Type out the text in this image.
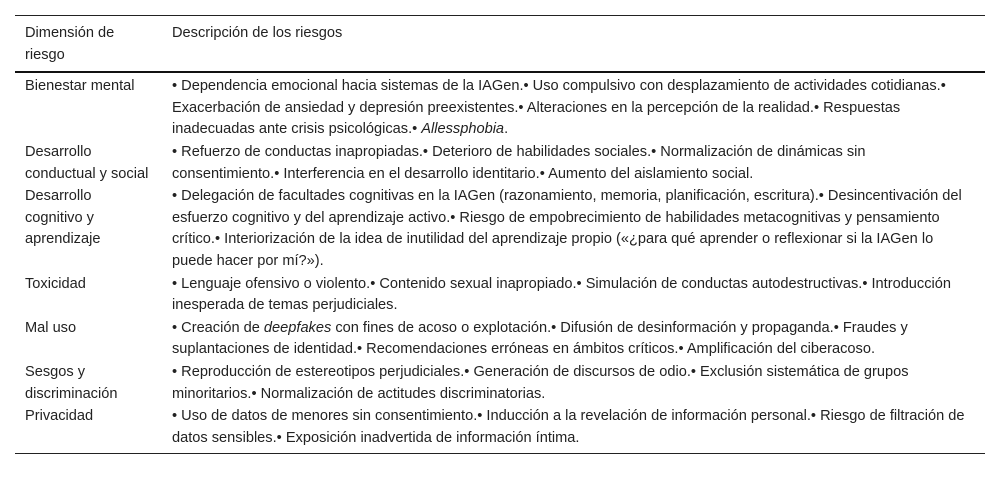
Dimensión de riesgo	Descripción de los riesgos
Bienestar mental	• Dependencia emocional hacia sistemas de la IAGen.• Uso compulsivo con desplazamiento de actividades cotidianas.• Exacerbación de ansiedad y depresión preexistentes.• Alteraciones en la percepción de la realidad.• Respuestas inadecuadas ante crisis psicológicas.• Allessphobia.
Desarrollo conductual y social	• Refuerzo de conductas inapropiadas.• Deterioro de habilidades sociales.• Normalización de dinámicas sin consentimiento.• Interferencia en el desarrollo identitario.• Aumento del aislamiento social.
Desarrollo cognitivo y aprendizaje	• Delegación de facultades cognitivas en la IAGen (razonamiento, memoria, planificación, escritura).• Desincentivación del esfuerzo cognitivo y del aprendizaje activo.• Riesgo de empobrecimiento de habilidades metacognitivas y pensamiento crítico.• Interiorización de la idea de inutilidad del aprendizaje propio («¿para qué aprender o reflexionar si la IAGen lo puede hacer por mí?»).
Toxicidad	• Lenguaje ofensivo o violento.• Contenido sexual inapropiado.• Simulación de conductas autodestructivas.• Introducción inesperada de temas perjudiciales.
Mal uso	• Creación de deepfakes con fines de acoso o explotación.• Difusión de desinformación y propaganda.• Fraudes y suplantaciones de identidad.• Recomendaciones erróneas en ámbitos críticos.• Amplificación del ciberacoso.
Sesgos y discriminación	• Reproducción de estereotipos perjudiciales.• Generación de discursos de odio.• Exclusión sistemática de grupos minoritarios.• Normalización de actitudes discriminatorias.
Privacidad	• Uso de datos de menores sin consentimiento.• Inducción a la revelación de información personal.• Riesgo de filtración de datos sensibles.• Exposición inadvertida de información íntima.
